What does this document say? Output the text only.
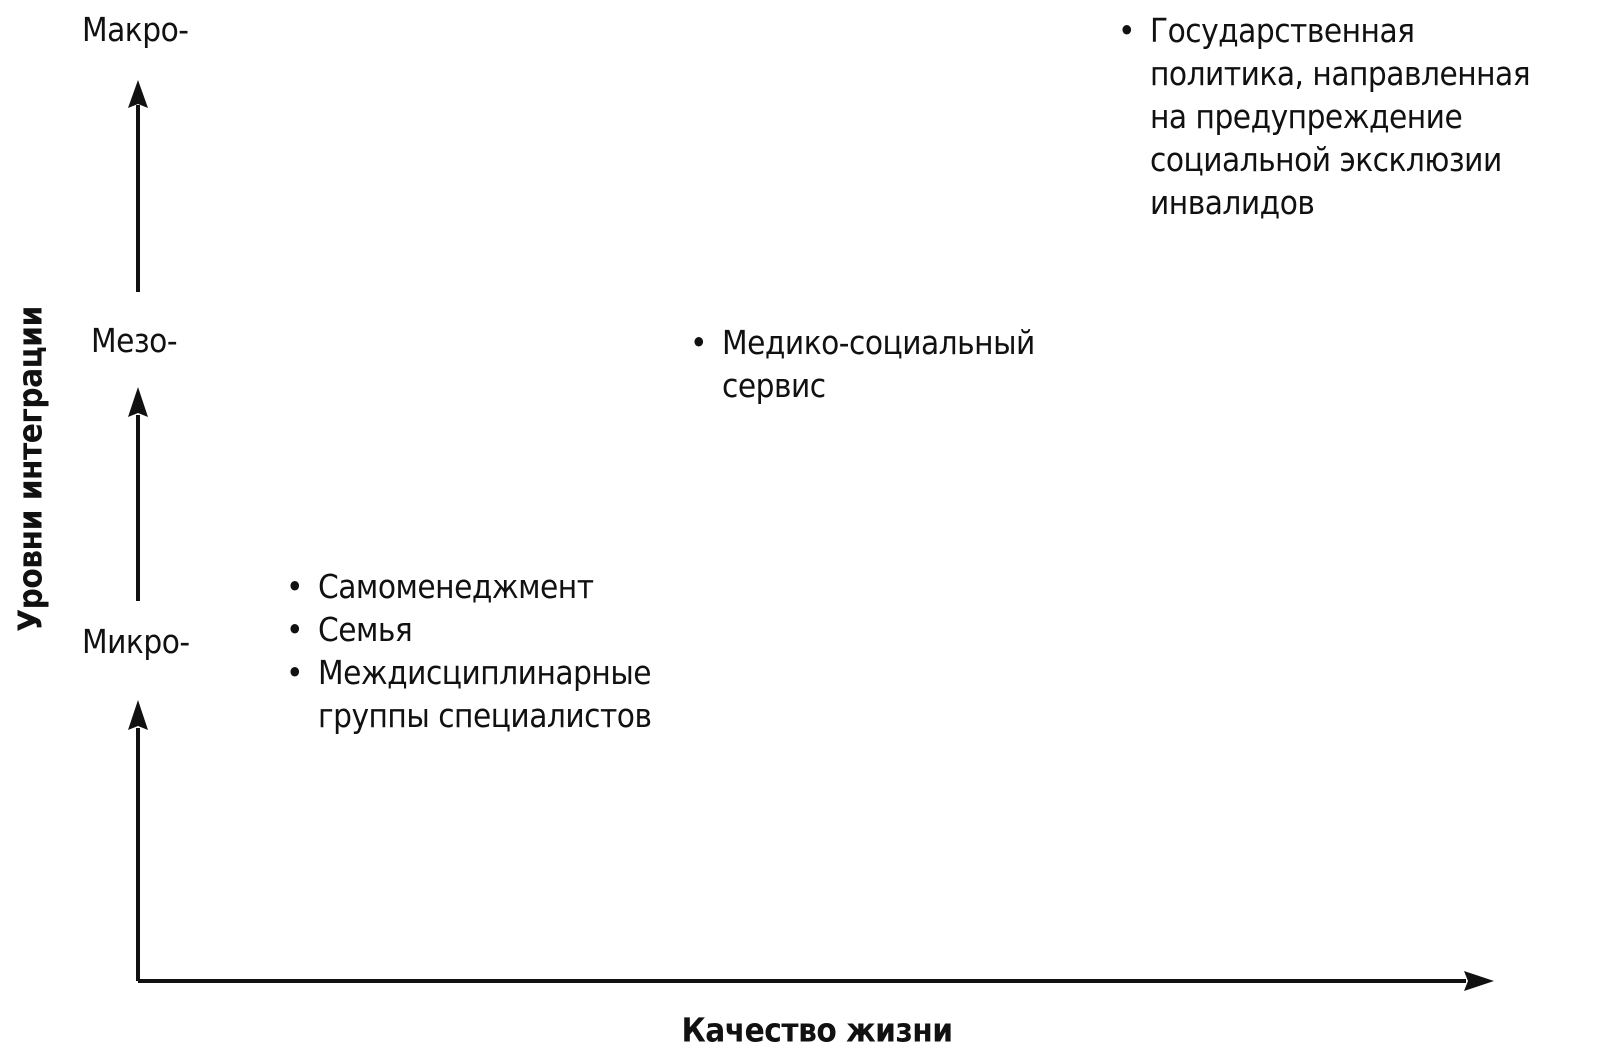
Макро-
Мезо-
Микро-
Уровни интеграции
Качество жизни
• Самоменеджмент
• Семья
• Междисциплинарные группы специалистов
• Медико-социальный сервис
• Государственная политика, направленная на предупреждение социальной эксклюзии инвалидов
